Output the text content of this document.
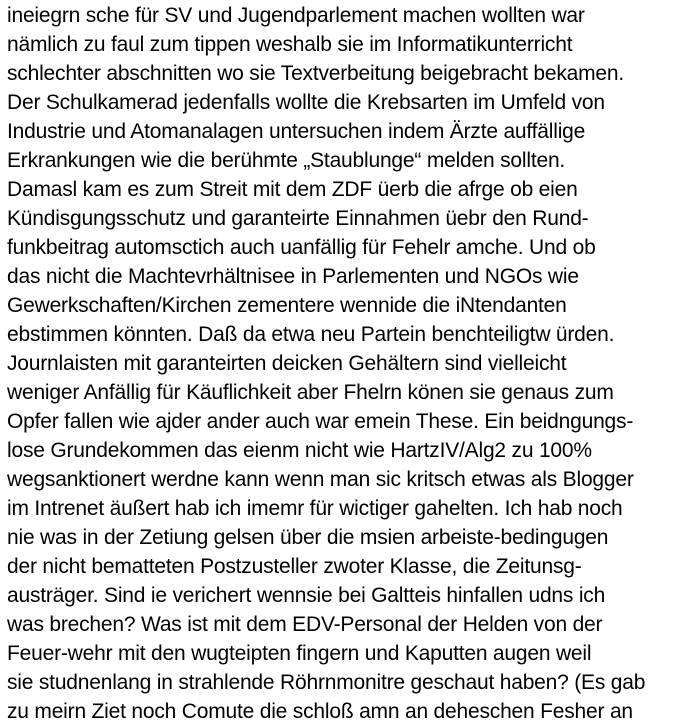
ineiegrn sche für SV und Jugendparlement machen wollten war
nämlich zu faul zum tippen weshalb sie im Informatikunterricht
schlechter abschnitten wo sie Textverbeitung beigebracht bekamen.
Der Schulkamerad jedenfalls wollte die Krebsarten im Umfeld von
Industrie und Atomanalagen untersuchen indem Ärzte auffällige
Erkrankungen wie die berühmte „Staublunge“ melden sollten.
Damasl kam es zum Streit mit dem ZDF üerb die afrge ob eien
Kündisgungsschutz und garanteirte Einnahmen üebr den Rund-
funkbeitrag automsctich auch uanfällig für Fehelr amche. Und ob
das nicht die Machtevrhältnisee in Parlementen und NGOs wie
Gewerkschaften/Kirchen zementere wennide die iNtendanten
ebstimmen könnten. Daß da etwa neu Partein benchteiligtw ürden.
Journlaisten mit garanteirten deicken Gehältern sind vielleicht
weniger Anfällig für Käuflichkeit aber Fhelrn könen sie genaus zum
Opfer fallen wie ajder ander auch war emein These. Ein beidngungs-
lose Grundekommen das eienm nicht wie HartzIV/Alg2 zu 100%
wegsanktionert werdne kann wenn man sic kritsch etwas als Blogger
im Intrenet äußert hab ich imemr für wictiger gahelten. Ich hab noch
nie was in der Zetiung gelsen über die msien arbeiste-bedingugen
der nicht bematteten Postzusteller zwoter Klasse, die Zeitunsg-
austräger. Sind ie verichert wennsie bei Galtteis hinfallen udns ich
was brechen? Was ist mit dem EDV-Personal der Helden von der
Feuer-wehr mit den wugteipten fingern und Kaputten augen weil
sie studnenlang in strahlende Röhrnmonitre geschaut haben? (Es gab
zu meirn Ziet noch Comute die schloß amn an deheschen Fesher an
